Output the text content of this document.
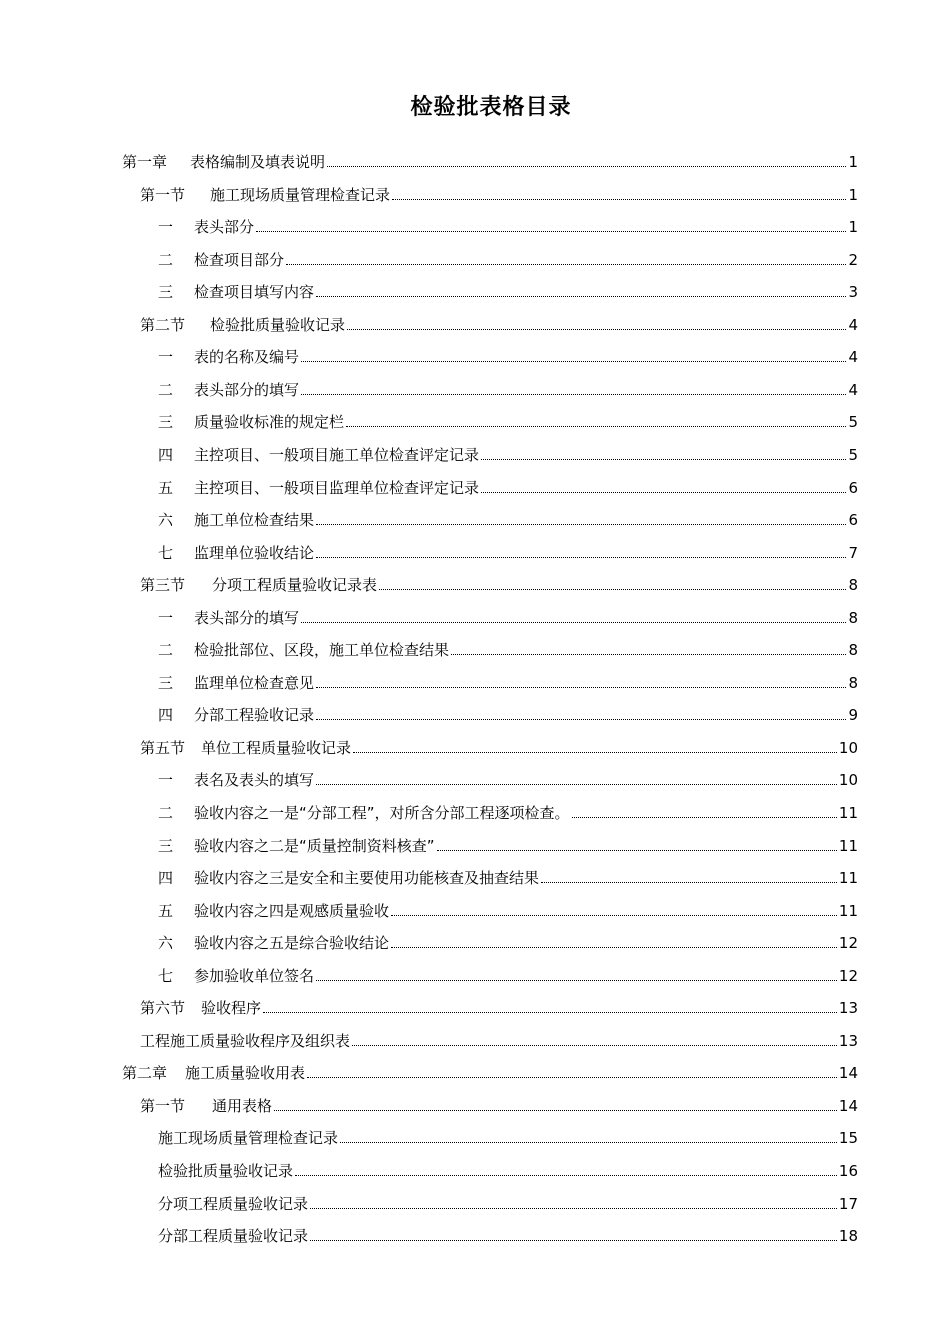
检验批表格目录
第一章	表格编制及填表说明	1
第一节	施工现场质量管理检查记录	1
一	表头部分	1
二	检查项目部分	2
三	检查项目填写内容	3
第二节	检验批质量验收记录	4
一	表的名称及编号	4
二	表头部分的填写	4
三	质量验收标准的规定栏	5
四	主控项目、一般项目施工单位检查评定记录	5
五	主控项目、一般项目监理单位检查评定记录	6
六	施工单位检查结果	6
七	监理单位验收结论	7
第三节	分项工程质量验收记录表	8
一	表头部分的填写	8
二	检验批部位、区段，施工单位检查结果	8
三	监理单位检查意见	8
四	分部工程验收记录	9
第五节	单位工程质量验收记录	10
一	表名及表头的填写	10
二	验收内容之一是“分部工程”，对所含分部工程逐项检查。	11
三	验收内容之二是“质量控制资料核查”	11
四	验收内容之三是安全和主要使用功能核查及抽查结果	11
五	验收内容之四是观感质量验收	11
六	验收内容之五是综合验收结论	12
七	参加验收单位签名	12
第六节	验收程序	13
工程施工质量验收程序及组织表	13
第二章	施工质量验收用表	14
第一节	通用表格	14
施工现场质量管理检查记录	15
检验批质量验收记录	16
分项工程质量验收记录	17
分部工程质量验收记录	18
